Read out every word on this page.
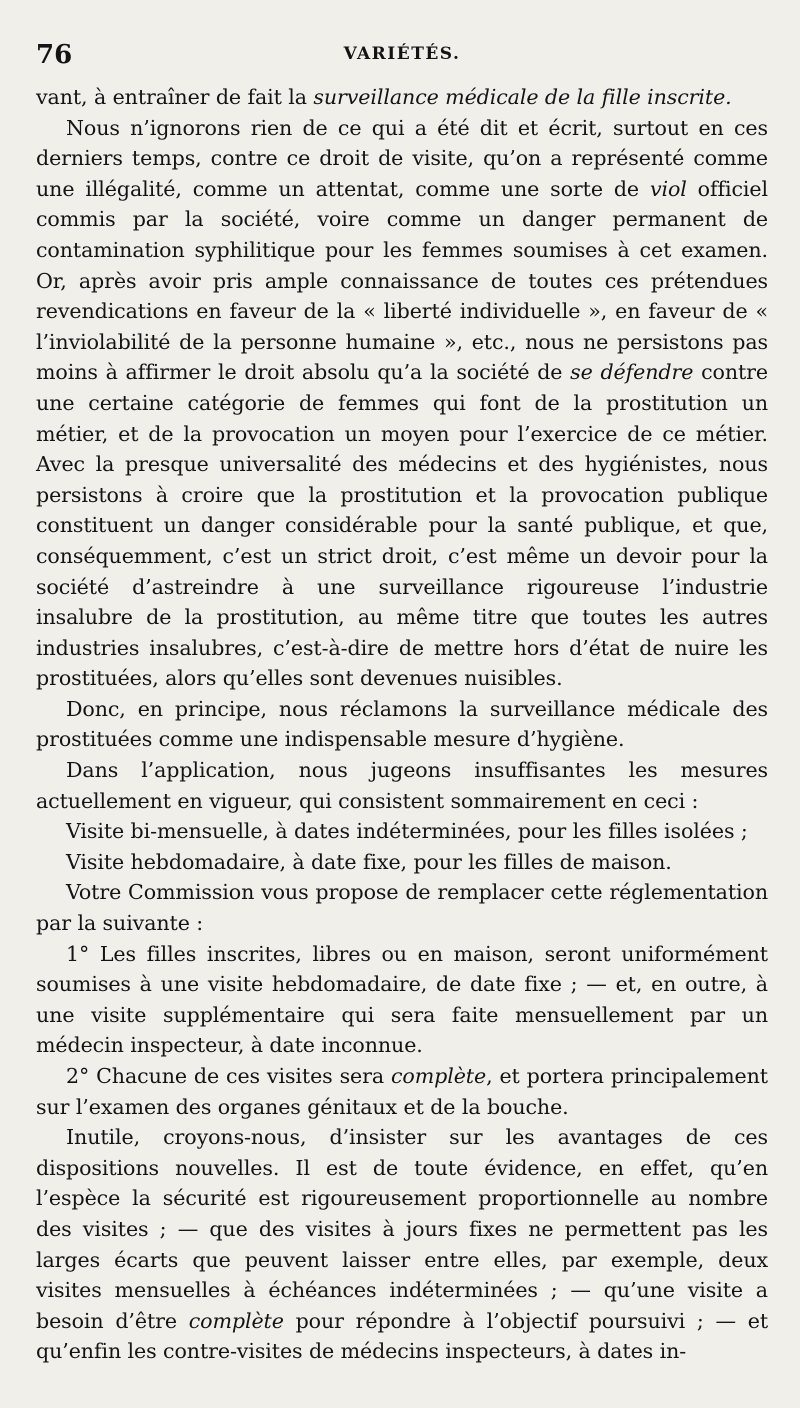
76	VARIÉTÉS.

vant, à entraîner de fait la surveillance médicale de la fille inscrite.

Nous n’ignorons rien de ce qui a été dit et écrit, surtout en ces derniers temps, contre ce droit de visite, qu’on a représenté comme une illégalité, comme un attentat, comme une sorte de viol officiel commis par la société, voire comme un danger permanent de contamination syphilitique pour les femmes soumises à cet examen. Or, après avoir pris ample connaissance de toutes ces prétendues revendications en faveur de la « liberté individuelle », en faveur de « l’inviolabilité de la personne humaine », etc., nous ne persistons pas moins à affirmer le droit absolu qu’a la société de se défendre contre une certaine catégorie de femmes qui font de la prostitution un métier, et de la provocation un moyen pour l’exercice de ce métier. Avec la presque universalité des médecins et des hygiénistes, nous persistons à croire que la prostitution et la provocation publique constituent un danger considérable pour la santé publique, et que, conséquemment, c’est un strict droit, c’est même un devoir pour la société d’astreindre à une surveillance rigoureuse l’industrie insalubre de la prostitution, au même titre que toutes les autres industries insalubres, c’est-à-dire de mettre hors d’état de nuire les prostituées, alors qu’elles sont devenues nuisibles.

Donc, en principe, nous réclamons la surveillance médicale des prostituées comme une indispensable mesure d’hygiène.

Dans l’application, nous jugeons insuffisantes les mesures actuellement en vigueur, qui consistent sommairement en ceci :

Visite bi-mensuelle, à dates indéterminées, pour les filles isolées ;

Visite hebdomadaire, à date fixe, pour les filles de maison.

Votre Commission vous propose de remplacer cette réglementation par la suivante :

1° Les filles inscrites, libres ou en maison, seront uniformément soumises à une visite hebdomadaire, de date fixe ; — et, en outre, à une visite supplémentaire qui sera faite mensuellement par un médecin inspecteur, à date inconnue.

2° Chacune de ces visites sera complète, et portera principalement sur l’examen des organes génitaux et de la bouche.

Inutile, croyons-nous, d’insister sur les avantages de ces dispositions nouvelles. Il est de toute évidence, en effet, qu’en l’espèce la sécurité est rigoureusement proportionnelle au nombre des visites ; — que des visites à jours fixes ne permettent pas les larges écarts que peuvent laisser entre elles, par exemple, deux visites mensuelles à échéances indéterminées ; — qu’une visite a besoin d’être complète pour répondre à l’objectif poursuivi ; — et qu’enfin les contre-visites de médecins inspecteurs, à dates in-
